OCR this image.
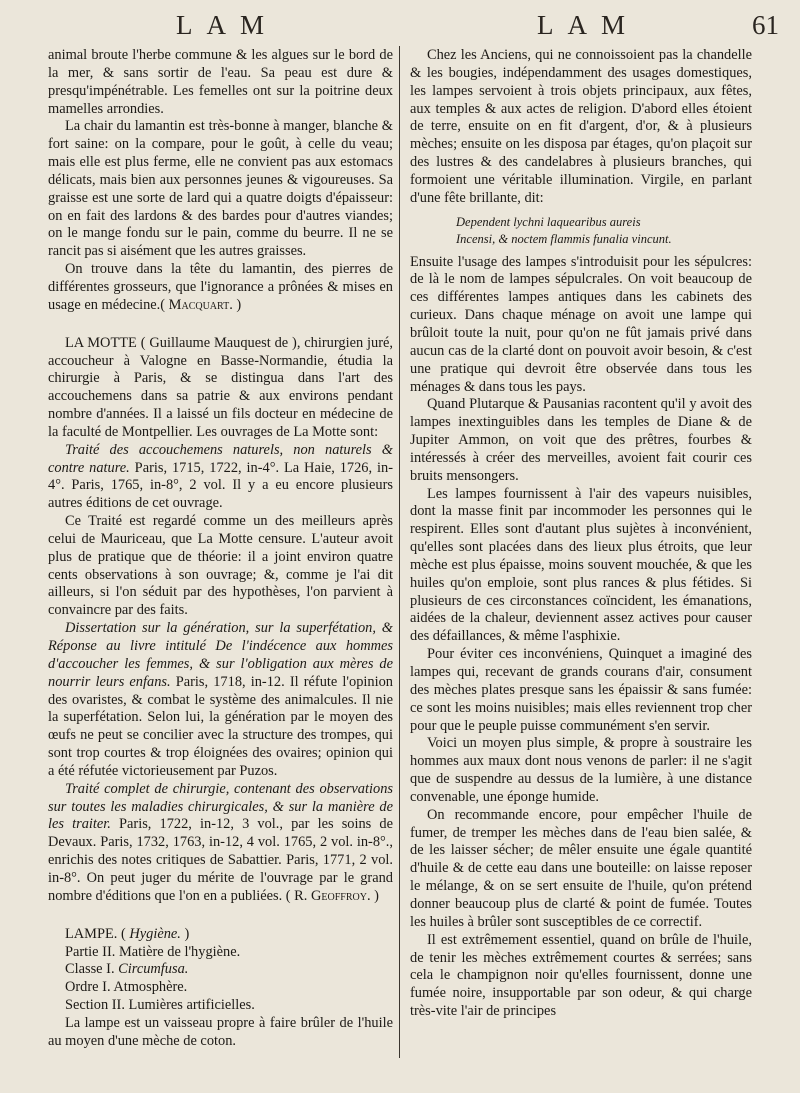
LAM	LAM	61

animal broute l'herbe commune & les algues sur le bord de la mer, & sans sortir de l'eau. Sa peau est dure & presqu'impénétrable. Les femelles ont sur la poitrine deux mamelles arrondies.

La chair du lamantin est très-bonne à manger, blanche & fort saine: on la compare, pour le goût, à celle du veau; mais elle est plus ferme, elle ne convient pas aux estomacs délicats, mais bien aux personnes jeunes & vigoureuses. Sa graisse est une sorte de lard qui a quatre doigts d'épaisseur: on en fait des lardons & des bardes pour d'autres viandes; on le mange fondu sur le pain, comme du beurre. Il ne se rancit pas si aisément que les autres graisses.

On trouve dans la tête du lamantin, des pierres de différentes grosseurs, que l'ignorance a prônées & mises en usage en médecine.( Macquart. )

LA MOTTE ( Guillaume Mauquest de ), chirurgien juré, accoucheur à Valogne en Basse-Normandie, étudia la chirurgie à Paris, & se distingua dans l'art des accouchemens dans sa patrie & aux environs pendant nombre d'années. Il a laissé un fils docteur en médecine de la faculté de Montpellier. Les ouvrages de La Motte sont:

Traité des accouchemens naturels, non naturels & contre nature. Paris, 1715, 1722, in-4°. La Haie, 1726, in-4°. Paris, 1765, in-8°, 2 vol. Il y a eu encore plusieurs autres éditions de cet ouvrage.

Ce Traité est regardé comme un des meilleurs après celui de Mauriceau, que La Motte censure. L'auteur avoit plus de pratique que de théorie: il a joint environ quatre cents observations à son ouvrage; &, comme je l'ai dit ailleurs, si l'on séduit par des hypothèses, l'on parvient à convaincre par des faits.

Dissertation sur la génération, sur la superfétation, & Réponse au livre intitulé De l'indécence aux hommes d'accoucher les femmes, & sur l'obligation aux mères de nourrir leurs enfans. Paris, 1718, in-12. Il réfute l'opinion des ovaristes, & combat le système des animalcules. Il nie la superfétation. Selon lui, la génération par le moyen des œufs ne peut se concilier avec la structure des trompes, qui sont trop courtes & trop éloignées des ovaires; opinion qui a été réfutée victorieusement par Puzos.

Traité complet de chirurgie, contenant des observations sur toutes les maladies chirurgicales, & sur la manière de les traiter. Paris, 1722, in-12, 3 vol., par les soins de Devaux. Paris, 1732, 1763, in-12, 4 vol. 1765, 2 vol. in-8°., enrichis des notes critiques de Sabattier. Paris, 1771, 2 vol. in-8°. On peut juger du mérite de l'ouvrage par le grand nombre d'éditions que l'on en a publiées. ( R. Geoffroy. )

LAMPE. ( Hygiène. )

Partie II. Matière de l'hygiène.

Classe I. Circumfusa.

Ordre I. Atmosphère.

Section II. Lumières artificielles.

La lampe est un vaisseau propre à faire brûler de l'huile au moyen d'une mèche de coton.

Chez les Anciens, qui ne connoissoient pas la chandelle & les bougies, indépendamment des usages domestiques, les lampes servoient à trois objets principaux, aux fêtes, aux temples & aux actes de religion. D'abord elles étoient de terre, ensuite on en fit d'argent, d'or, & à plusieurs mèches; ensuite on les disposa par étages, qu'on plaçoit sur des lustres & des candelabres à plusieurs branches, qui formoient une véritable illumination. Virgile, en parlant d'une fête brillante, dit:

Dependent lychni laquearibus aureis

Incensi, & noctem flammis funalia vincunt.

Ensuite l'usage des lampes s'introduisit pour les sépulcres: de là le nom de lampes sépulcrales. On voit beaucoup de ces différentes lampes antiques dans les cabinets des curieux. Dans chaque ménage on avoit une lampe qui brûloit toute la nuit, pour qu'on ne fût jamais privé dans aucun cas de la clarté dont on pouvoit avoir besoin, & c'est une pratique qui devroit être observée dans tous les ménages & dans tous les pays.

Quand Plutarque & Pausanias racontent qu'il y avoit des lampes inextinguibles dans les temples de Diane & de Jupiter Ammon, on voit que des prêtres, fourbes & intéressés à créer des merveilles, avoient fait courir ces bruits mensongers.

Les lampes fournissent à l'air des vapeurs nuisibles, dont la masse finit par incommoder les personnes qui le respirent. Elles sont d'autant plus sujètes à inconvénient, qu'elles sont placées dans des lieux plus étroits, que leur mèche est plus épaisse, moins souvent mouchée, & que les huiles qu'on emploie, sont plus rances & plus fétides. Si plusieurs de ces circonstances coïncident, les émanations, aidées de la chaleur, deviennent assez actives pour causer des défaillances, & même l'asphixie.

Pour éviter ces inconvéniens, Quinquet a imaginé des lampes qui, recevant de grands courans d'air, consument des mèches plates presque sans les épaissir & sans fumée: ce sont les moins nuisibles; mais elles reviennent trop cher pour que le peuple puisse communément s'en servir.

Voici un moyen plus simple, & propre à soustraire les hommes aux maux dont nous venons de parler: il ne s'agit que de suspendre au dessus de la lumière, à une distance convenable, une éponge humide.

On recommande encore, pour empêcher l'huile de fumer, de tremper les mèches dans de l'eau bien salée, & de les laisser sécher; de mêler ensuite une égale quantité d'huile & de cette eau dans une bouteille: on laisse reposer le mélange, & on se sert ensuite de l'huile, qu'on prétend donner beaucoup plus de clarté & point de fumée. Toutes les huiles à brûler sont susceptibles de ce correctif.

Il est extrêmement essentiel, quand on brûle de l'huile, de tenir les mèches extrêmement courtes & serrées; sans cela le champignon noir qu'elles fournissent, donne une fumée noire, insupportable par son odeur, & qui charge très-vite l'air de principes
